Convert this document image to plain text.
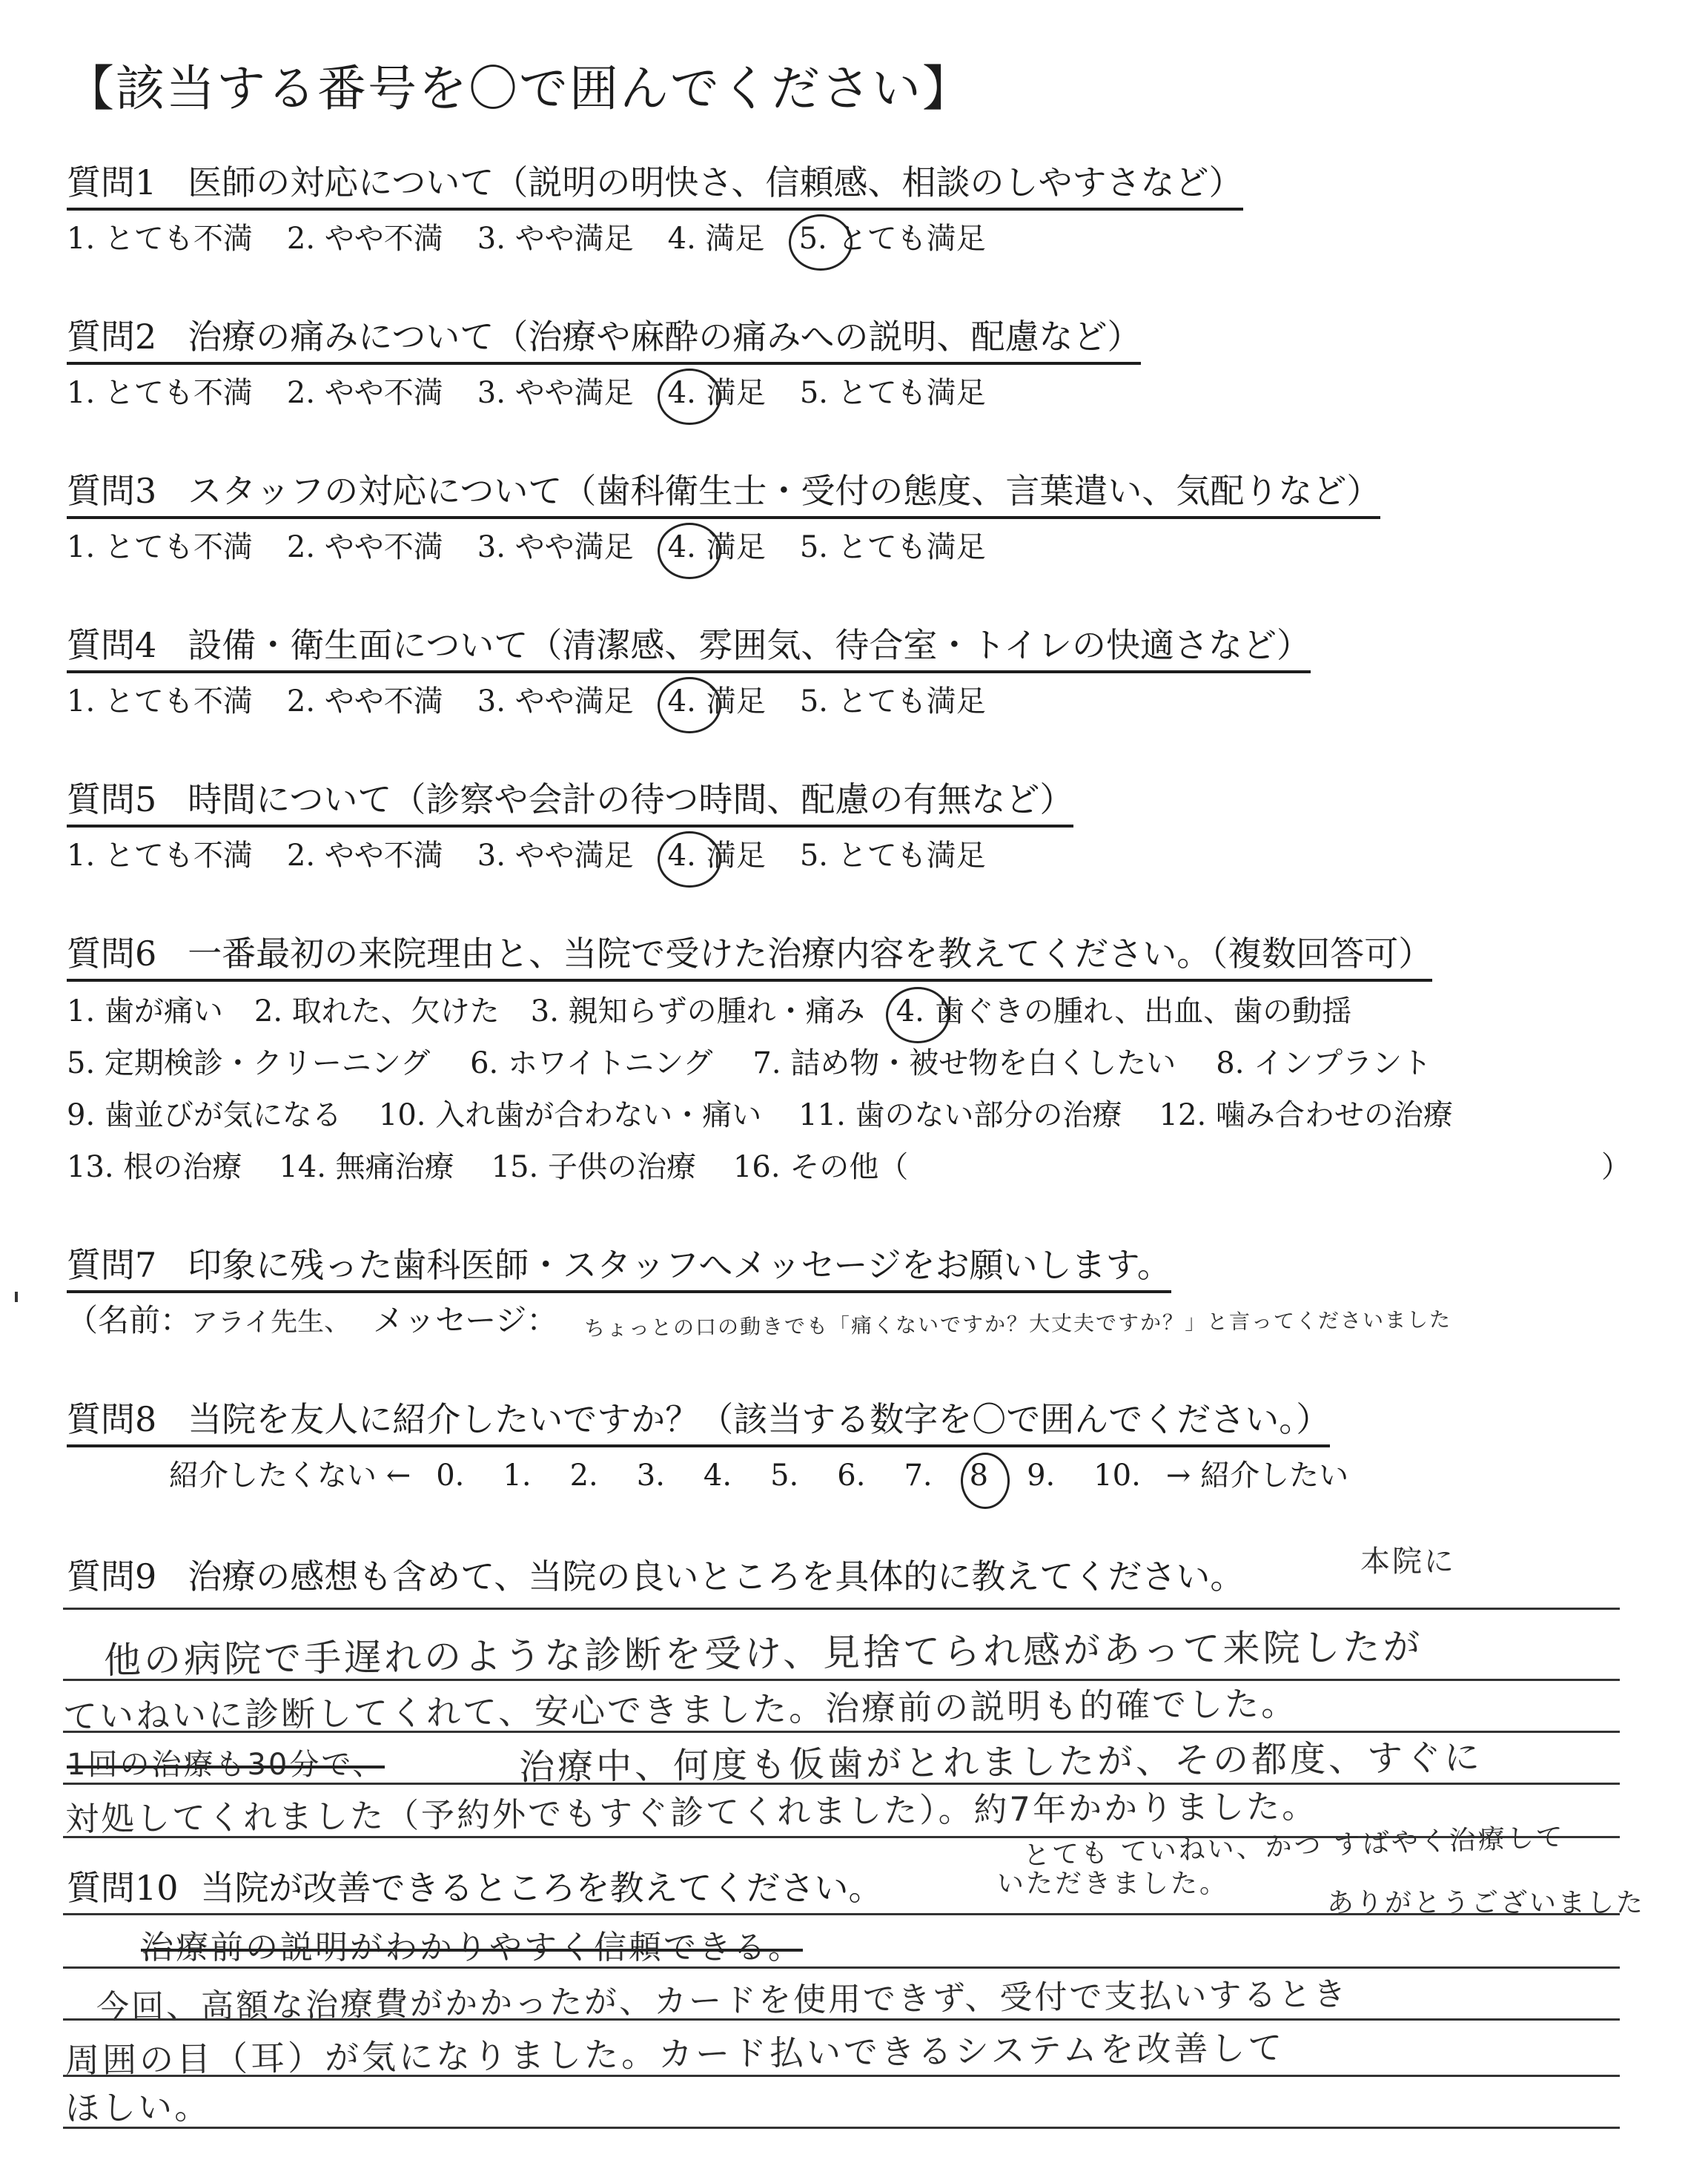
【該当する番号を〇で囲んでください】
質問1 医師の対応について（説明の明快さ、信頼感、相談のしやすさなど）
1. とても不満 2. やや不満 3. やや満足 4. 満足 5. とても満足
質問2 治療の痛みについて（治療や麻酔の痛みへの説明、配慮など）
1. とても不満 2. やや不満 3. やや満足 4. 満足 5. とても満足
質問3 スタッフの対応について（歯科衛生士・受付の態度、言葉遣い、気配りなど）
1. とても不満 2. やや不満 3. やや満足 4. 満足 5. とても満足
質問4 設備・衛生面について（清潔感、雰囲気、待合室・トイレの快適さなど）
1. とても不満 2. やや不満 3. やや満足 4. 満足 5. とても満足
質問5 時間について（診察や会計の待つ時間、配慮の有無など）
1. とても不満 2. やや不満 3. やや満足 4. 満足 5. とても満足
質問6 一番最初の来院理由と、当院で受けた治療内容を教えてください。（複数回答可）
1. 歯が痛い 2. 取れた、欠けた 3. 親知らずの腫れ・痛み 4. 歯ぐきの腫れ、出血、歯の動揺
5. 定期検診・クリーニング 6. ホワイトニング 7. 詰め物・被せ物を白くしたい 8. インプラント
9. 歯並びが気になる 10. 入れ歯が合わない・痛い 11. 歯のない部分の治療 12. 噛み合わせの治療
13. 根の治療 14. 無痛治療 15. 子供の治療 16. その他（	）
質問7 印象に残った歯科医師・スタッフへメッセージをお願いします。
（名前：アライ先生、 メッセージ： ちょっとの口の動きでも「痛くないですか？大丈夫ですか？」と言ってくださいました
質問8 当院を友人に紹介したいですか？（該当する数字を〇で囲んでください。）
紹介したくない ← 0. 1. 2. 3. 4. 5. 6. 7. 8 9. 10. → 紹介したい
質問9 治療の感想も含めて、当院の良いところを具体的に教えてください。	本院に
他の病院で手遅れのような診断を受け、見捨てられ感があって来院したが
ていねいに診断してくれて、安心できました。治療前の説明も的確でした。
1回の治療も30分で、	治療中、何度も仮歯がとれましたが、その都度、すぐに
対処してくれました（予約外でもすぐ診てくれました）。約7年かかりました。
質問10 当院が改善できるところを教えてください。
とても ていねい、かつ すばやく治療して
いただきました。
ありがとうございました
治療前の説明がわかりやすく信頼できる。
今回、高額な治療費がかかったが、カードを使用できず、受付で支払いするとき
周囲の目（耳）が気になりました。カード払いできるシステムを改善して
ほしい。
